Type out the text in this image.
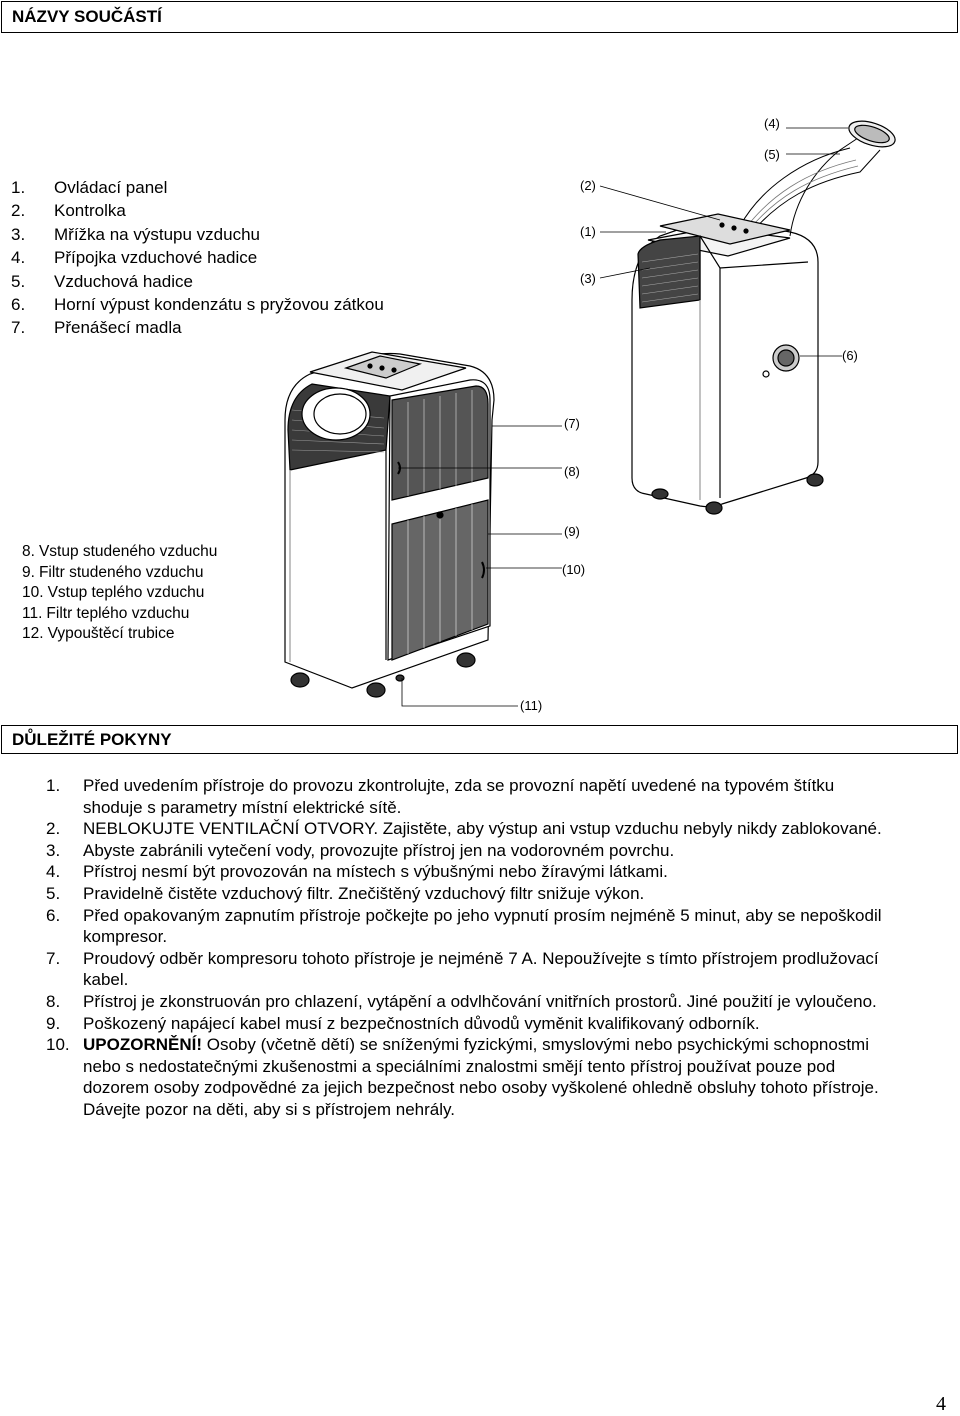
NÁZVY SOUČÁSTÍ
1. Ovládací panel
2. Kontrolka
3. Mřížka na výstupu vzduchu
4. Přípojka vzduchové hadice
5. Vzduchová hadice
6. Horní výpust kondenzátu s pryžovou zátkou
7. Přenášecí madla
8. Vstup studeného vzduchu
9. Filtr studeného vzduchu
10. Vstup teplého vzduchu
11. Filtr teplého vzduchu
12. Vypouštěcí trubice
(4)
(5)
(2)
(1)
(3)
(6)
(7)
(8)
(9)
(10)
(11)
DŮLEŽITÉ POKYNY
1. Před uvedením přístroje do provozu zkontrolujte, zda se provozní napětí uvedené na typovém štítku shoduje s parametry místní elektrické sítě.
2. NEBLOKUJTE VENTILAČNÍ OTVORY. Zajistěte, aby výstup ani vstup vzduchu nebyly nikdy zablokované.
3. Abyste zabránili vytečení vody, provozujte přístroj jen na vodorovném povrchu.
4. Přístroj nesmí být provozován na místech s výbušnými nebo žíravými látkami.
5. Pravidelně čistěte vzduchový filtr. Znečištěný vzduchový filtr snižuje výkon.
6. Před opakovaným zapnutím přístroje počkejte po jeho vypnutí prosím nejméně 5 minut, aby se nepoškodil kompresor.
7. Proudový odběr kompresoru tohoto přístroje je nejméně 7 A. Nepoužívejte s tímto přístrojem prodlužovací kabel.
8. Přístroj je zkonstruován pro chlazení, vytápění a odvlhčování vnitřních prostorů. Jiné použití je vyloučeno.
9. Poškozený napájecí kabel musí z bezpečnostních důvodů vyměnit kvalifikovaný odborník.
10. UPOZORNĚNÍ! Osoby (včetně dětí) se sníženými fyzickými, smyslovými nebo psychickými schopnostmi nebo s nedostatečnými zkušenostmi a speciálními znalostmi smějí tento přístroj používat pouze pod dozorem osoby zodpovědné za jejich bezpečnost nebo osoby vyškolené ohledně obsluhy tohoto přístroje. Dávejte pozor na děti, aby si s přístrojem nehrály.
4
